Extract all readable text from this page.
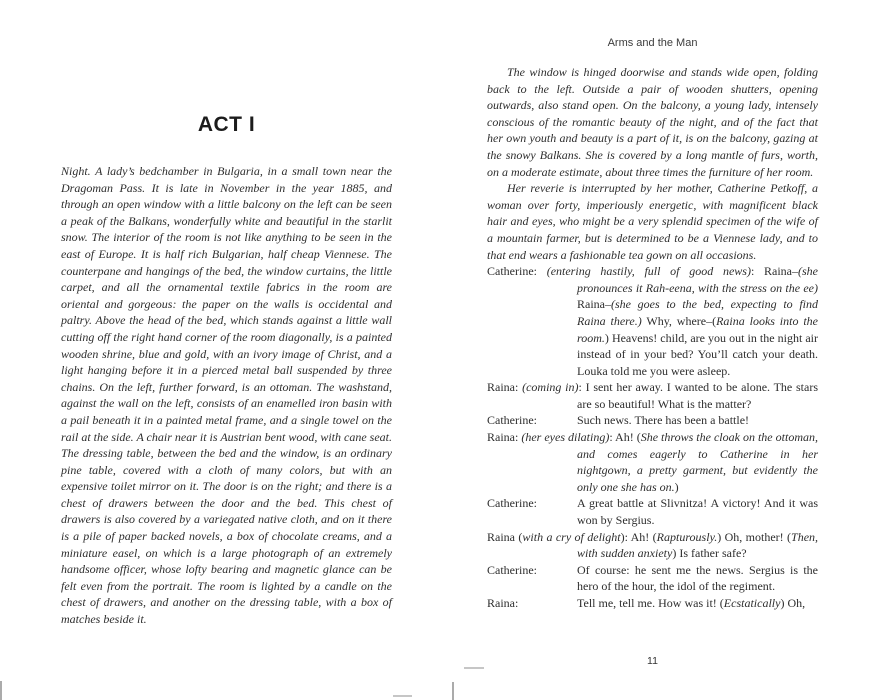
ACT I

Night. A lady’s bedchamber in Bulgaria, in a small town near the Dragoman Pass. It is late in November in the year 1885, and through an open window with a little balcony on the left can be seen a peak of the Balkans, wonderfully white and beautiful in the starlit snow. The interior of the room is not like anything to be seen in the east of Europe. It is half rich Bulgarian, half cheap Viennese. The counterpane and hangings of the bed, the window curtains, the little carpet, and all the ornamental textile fabrics in the room are oriental and gorgeous: the paper on the walls is occidental and paltry. Above the head of the bed, which stands against a little wall cutting off the right hand corner of the room diagonally, is a painted wooden shrine, blue and gold, with an ivory image of Christ, and a light hanging before it in a pierced metal ball suspended by three chains. On the left, further forward, is an ottoman. The washstand, against the wall on the left, consists of an enamelled iron basin with a pail beneath it in a painted metal frame, and a single towel on the rail at the side. A chair near it is Austrian bent wood, with cane seat. The dressing table, between the bed and the window, is an ordinary pine table, covered with a cloth of many colors, but with an expensive toilet mirror on it. The door is on the right; and there is a chest of drawers between the door and the bed. This chest of drawers is also covered by a variegated native cloth, and on it there is a pile of paper backed novels, a box of chocolate creams, and a miniature easel, on which is a large photograph of an extremely handsome officer, whose lofty bearing and magnetic glance can be felt even from the portrait. The room is lighted by a candle on the chest of drawers, and another on the dressing table, with a box of matches beside it.

Arms and the Man

The window is hinged doorwise and stands wide open, folding back to the left. Outside a pair of wooden shutters, opening outwards, also stand open. On the balcony, a young lady, intensely conscious of the romantic beauty of the night, and of the fact that her own youth and beauty is a part of it, is on the balcony, gazing at the snowy Balkans. She is covered by a long mantle of furs, worth, on a moderate estimate, about three times the furniture of her room.

Her reverie is interrupted by her mother, Catherine Petkoff, a woman over forty, imperiously energetic, with magnificent black hair and eyes, who might be a very splendid specimen of the wife of a mountain farmer, but is determined to be a Viennese lady, and to that end wears a fashionable tea gown on all occasions.

Catherine: (entering hastily, full of good news): Raina–(she pronounces it Rah-eena, with the stress on the ee) Raina–(she goes to the bed, expecting to find Raina there.) Why, where–(Raina looks into the room.) Heavens! child, are you out in the night air instead of in your bed? You’ll catch your death. Louka told me you were asleep.
Raina: (coming in): I sent her away. I wanted to be alone. The stars are so beautiful! What is the matter?
Catherine:	Such news. There has been a battle!
Raina: (her eyes dilating): Ah! (She throws the cloak on the ottoman, and comes eagerly to Catherine in her nightgown, a pretty garment, but evidently the only one she has on.)
Catherine:	A great battle at Slivnitza! A victory! And it was won by Sergius.
Raina (with a cry of delight): Ah! (Rapturously.) Oh, mother! (Then, with sudden anxiety) Is father safe?
Catherine:	Of course: he sent me the news. Sergius is the hero of the hour, the idol of the regiment.
Raina:	Tell me, tell me. How was it! (Ecstatically) Oh,
11
